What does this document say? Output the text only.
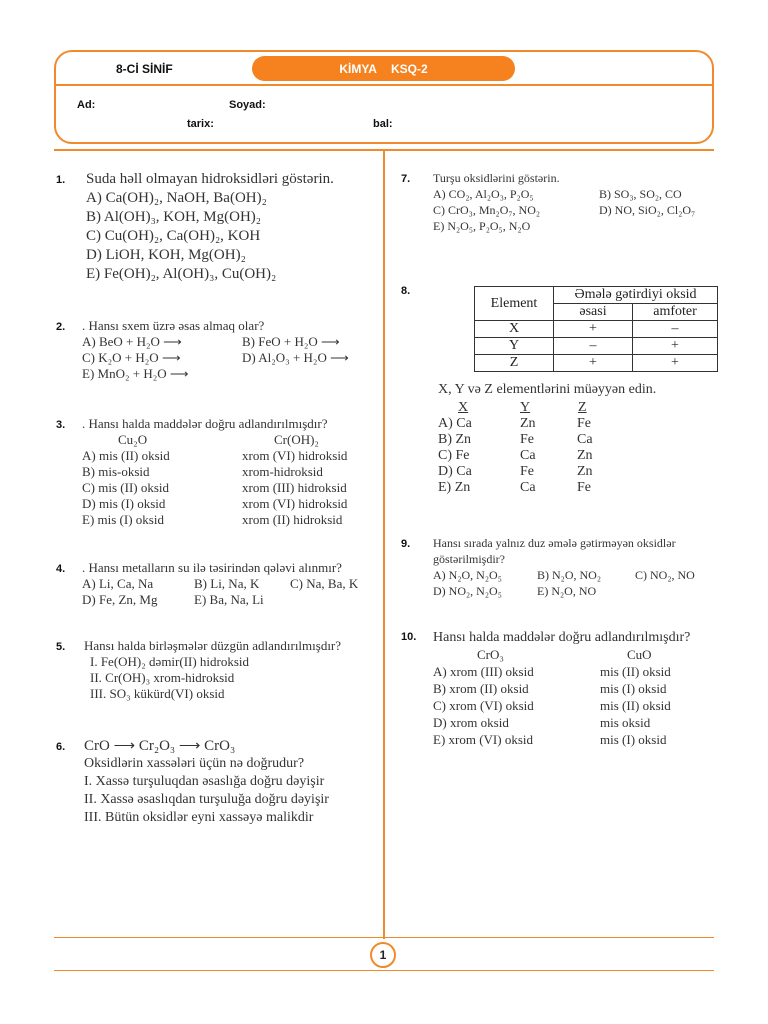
8-Cİ SİNİF	KİMYA KSQ-2
Ad:	Soyad:
tarix:	bal:
1. Suda həll olmayan hidroksidləri göstərin.
A) Ca(OH)₂, NaOH, Ba(OH)₂
B) Al(OH)₃, KOH, Mg(OH)₂
C) Cu(OH)₂, Ca(OH)₂, KOH
D) LiOH, KOH, Mg(OH)₂
E) Fe(OH)₂, Al(OH)₃, Cu(OH)₂
2. . Hansı sxem üzrə əsas almaq olar?
A) BeO + H₂O ⟶	B) FeO + H₂O ⟶
C) K₂O + H₂O ⟶	D) Al₂O₃ + H₂O ⟶
E) MnO₂ + H₂O ⟶
3. . Hansı halda maddələr doğru adlandırılmışdır?
Cu₂O	Cr(OH)₂
A) mis (II) oksid	xrom (VI) hidroksid
B) mis-oksid	xrom-hidroksid
C) mis (II) oksid	xrom (III) hidroksid
D) mis (I) oksid	xrom (VI) hidroksid
E) mis (I) oksid	xrom (II) hidroksid
4. . Hansı metalların su ilə təsirindən qələvi alınmır?
A) Li, Ca, Na	B) Li, Na, K	C) Na, Ba, K
D) Fe, Zn, Mg	E) Ba, Na, Li
5. Hansı halda birləşmələr düzgün adlandırılmışdır?
I. Fe(OH)₂ dəmir(II) hidroksid
II. Cr(OH)₃ xrom-hidroksid
III. SO₃ kükürd(VI) oksid
6. CrO ⟶ Cr₂O₃ ⟶ CrO₃
Oksidlərin xassələri üçün nə doğrudur?
I. Xassə turşuluqdan əsaslığa doğru dəyişir
II. Xassə əsaslıqdan turşuluğa doğru dəyişir
III. Bütün oksidlər eyni xassəyə malikdir
7. Turşu oksidlərini göstərin.
A) CO₂, Al₂O₃, P₂O₅	B) SO₃, SO₂, CO
C) CrO₃, Mn₂O₇, NO₂	D) NO, SiO₂, Cl₂O₇
E) N₂O₅, P₂O₅, N₂O
8.
Element	Əmələ gətirdiyi oksid	
	əsasi	amfoter
X	+	–
Y	–	+
Z	+	+
X, Y və Z elementlərini müəyyən edin.
X	Y	Z
A) Ca	Zn	Fe
B) Zn	Fe	Ca
C) Fe	Ca	Zn
D) Ca	Fe	Zn
E) Zn	Ca	Fe
9. Hansı sırada yalnız duz əmələ gətirməyən oksidlər
göstərilmişdir?
A) N₂O, N₂O₅	B) N₂O, NO₂	C) NO₂, NO
D) NO₂, N₂O₅	E) N₂O, NO
10. Hansı halda maddələr doğru adlandırılmışdır?
CrO₃	CuO
A) xrom (III) oksid	mis (II) oksid
B) xrom (II) oksid	mis (I) oksid
C) xrom (VI) oksid	mis (II) oksid
D) xrom oksid	mis oksid
E) xrom (VI) oksid	mis (I) oksid
1
